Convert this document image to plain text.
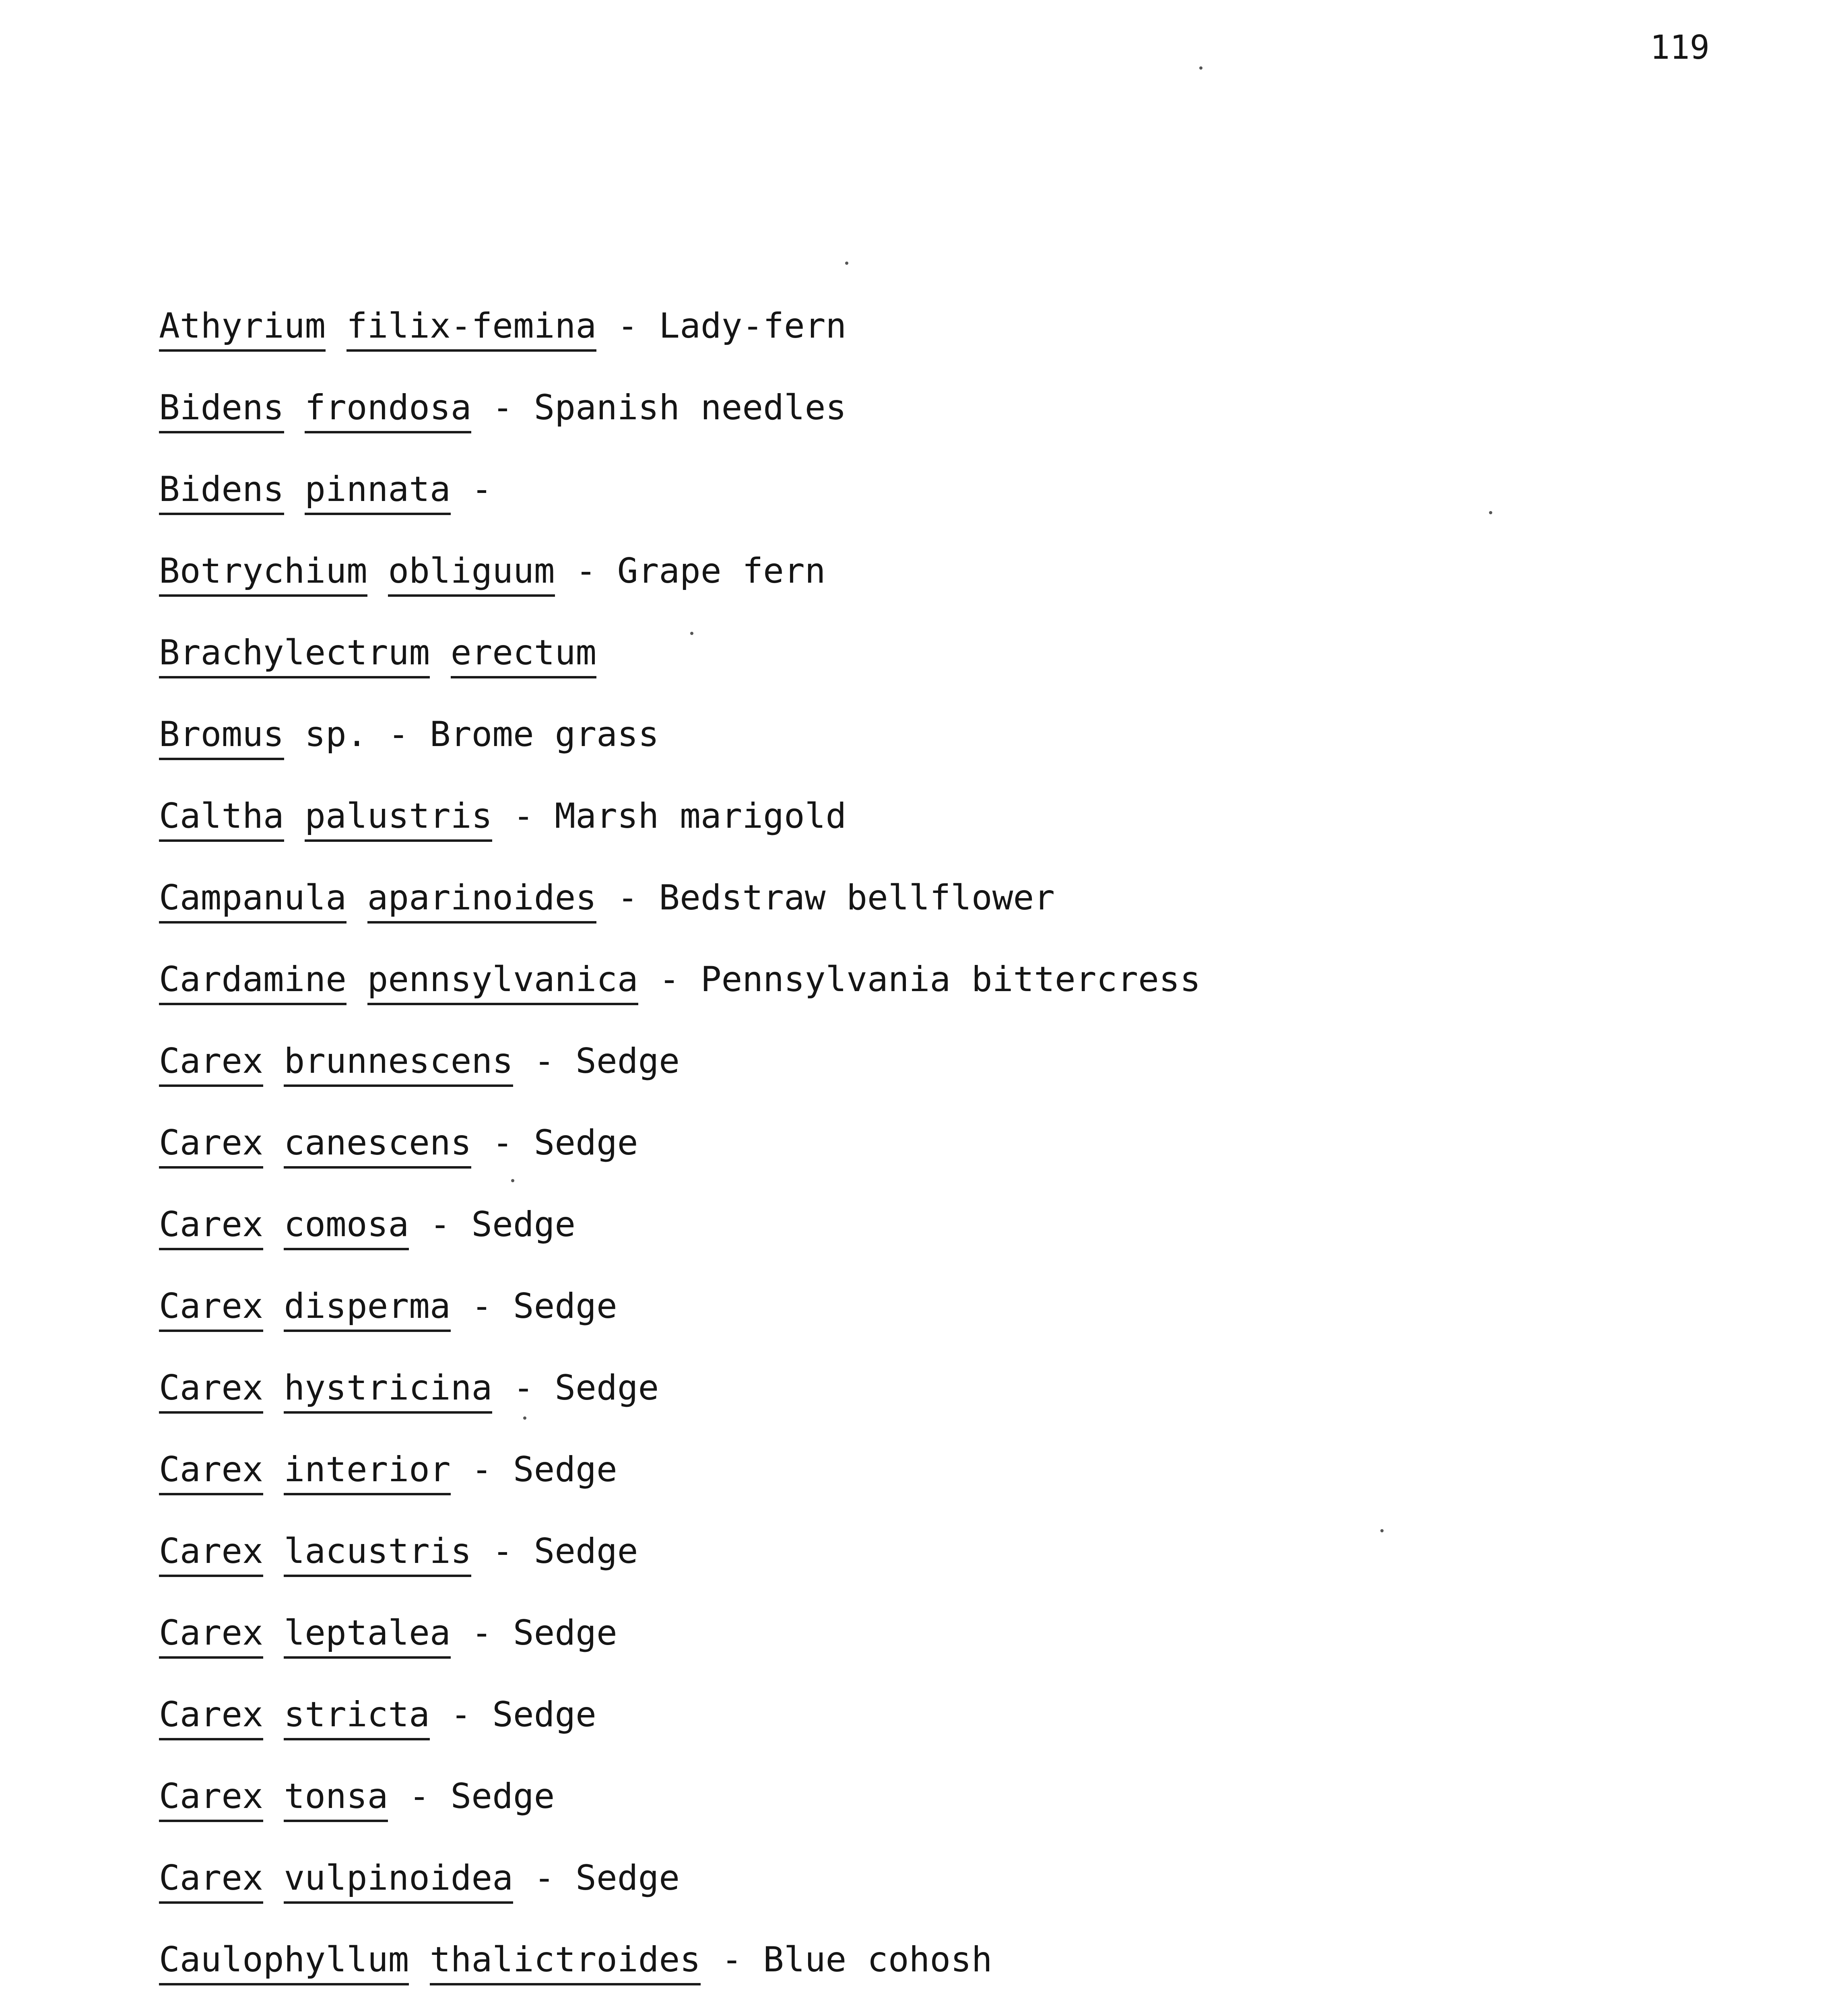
119
Athyrium filix-femina - Lady-fern
Bidens frondosa - Spanish needles
Bidens pinnata -
Botrychium obliguum - Grape fern
Brachylectrum erectum
Bromus sp. - Brome grass
Caltha palustris - Marsh marigold
Campanula aparinoides - Bedstraw bellflower
Cardamine pennsylvanica - Pennsylvania bittercress
Carex brunnescens - Sedge
Carex canescens - Sedge
Carex comosa - Sedge
Carex disperma - Sedge
Carex hystricina - Sedge
Carex interior - Sedge
Carex lacustris - Sedge
Carex leptalea - Sedge
Carex stricta - Sedge
Carex tonsa - Sedge
Carex vulpinoidea - Sedge
Caulophyllum thalictroides - Blue cohosh
